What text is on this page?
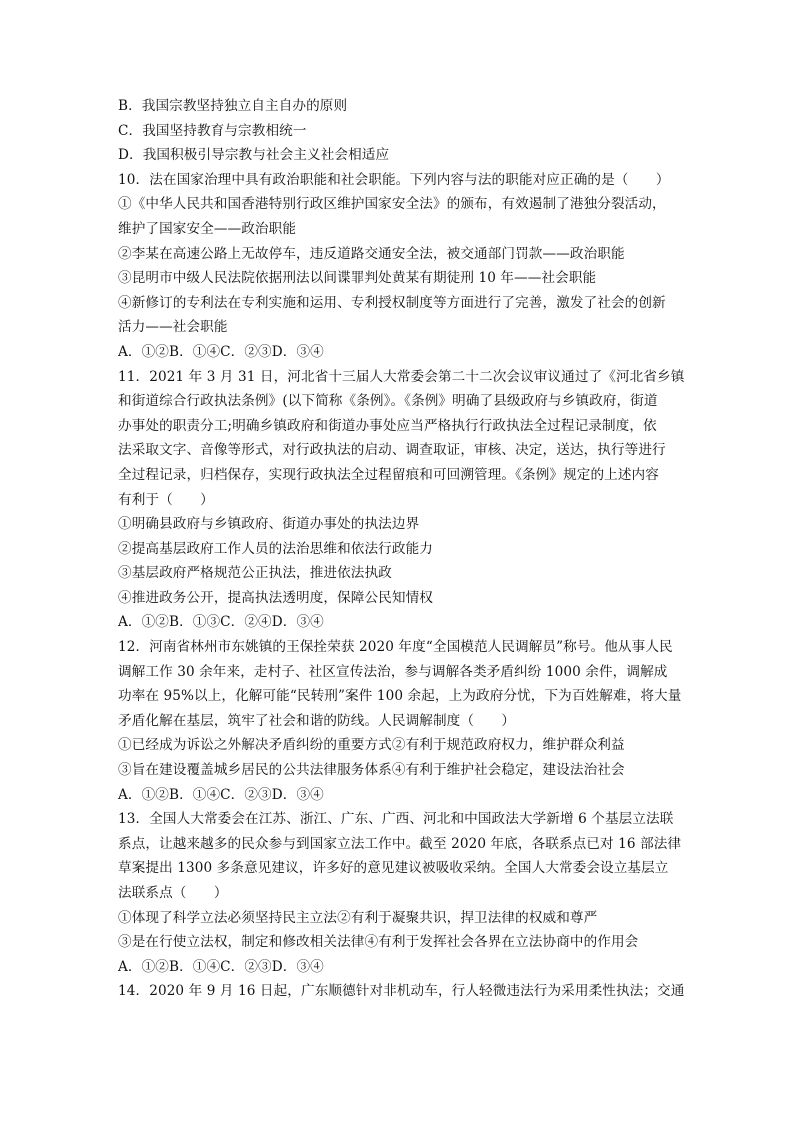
B．我国宗教坚持独立自主自办的原则
C．我国坚持教育与宗教相统一
D．我国积极引导宗教与社会主义社会相适应
10．法在国家治理中具有政治职能和社会职能。下列内容与法的职能对应正确的是（　　）
①《中华人民共和国香港特别行政区维护国家安全法》的颁布，有效遏制了港独分裂活动，
维护了国家安全——政治职能
②李某在高速公路上无故停车，违反道路交通安全法，被交通部门罚款——政治职能
③昆明市中级人民法院依据刑法以间谍罪判处黄某有期徒刑 10 年——社会职能
④新修订的专利法在专利实施和运用、专利授权制度等方面进行了完善，激发了社会的创新
活力——社会职能
A．①②B．①④C．②③D．③④
11．2021 年 3 月 31 日，河北省十三届人大常委会第二十二次会议审议通过了《河北省乡镇
和街道综合行政执法条例》(以下简称《条例》。《条例》明确了县级政府与乡镇政府，街道
办事处的职责分工;明确乡镇政府和街道办事处应当严格执行行政执法全过程记录制度，依
法采取文字、音像等形式，对行政执法的启动、调查取证，审核、决定，送达，执行等进行
全过程记录，归档保存，实现行政执法全过程留痕和可回溯管理。《条例》规定的上述内容
有利于（　　）
①明确县政府与乡镇政府、街道办事处的执法边界
②提高基层政府工作人员的法治思维和依法行政能力
③基层政府严格规范公正执法，推进依法执政
④推进政务公开，提高执法透明度，保障公民知情权
A．①②B．①③C．②④D．③④
12．河南省林州市东姚镇的王保拴荣获 2020 年度“全国模范人民调解员”称号。他从事人民
调解工作 30 余年来，走村子、社区宣传法治，参与调解各类矛盾纠纷 1000 余件，调解成
功率在 95%以上，化解可能“民转刑”案件 100 余起，上为政府分忧，下为百姓解难，将大量
矛盾化解在基层，筑牢了社会和谐的防线。人民调解制度（　　）
①已经成为诉讼之外解决矛盾纠纷的重要方式②有利于规范政府权力，维护群众利益
③旨在建设覆盖城乡居民的公共法律服务体系④有利于维护社会稳定，建设法治社会
A．①②B．①④C．②③D．③④
13．全国人大常委会在江苏、浙江、广东、广西、河北和中国政法大学新增 6 个基层立法联
系点，让越来越多的民众参与到国家立法工作中。截至 2020 年底，各联系点已对 16 部法律
草案提出 1300 多条意见建议，许多好的意见建议被吸收采纳。全国人大常委会设立基层立
法联系点（　　）
①体现了科学立法必须坚持民主立法②有利于凝聚共识，捍卫法律的权威和尊严
③是在行使立法权，制定和修改相关法律④有利于发挥社会各界在立法协商中的作用会
A．①②B．①④C．②③D．③④
14．2020 年 9 月 16 日起，广东顺德针对非机动车，行人轻微违法行为采用柔性执法；交通
